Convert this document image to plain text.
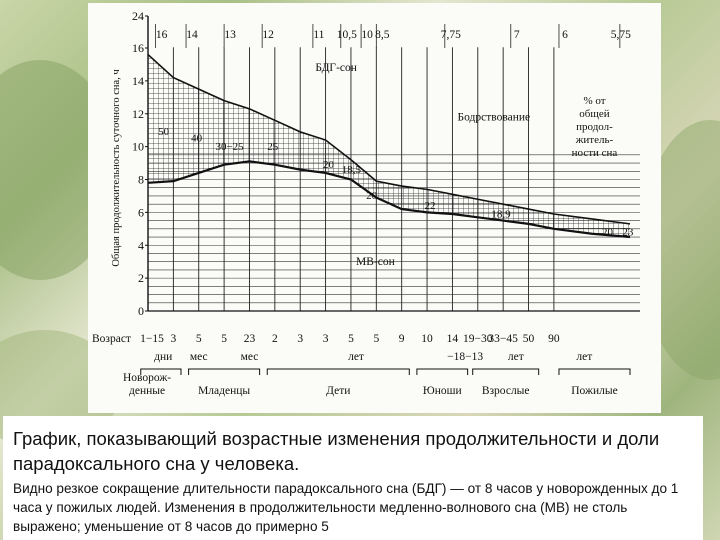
24
16
14
12
10
8
6
4
2
0
Общая продолжительность суточного сна, ч
16 14 13 12	11 10,5 10 8,5	7,75	7	6	5,75
50
40
30−25 25
20 18,5
20
22
18,9
20 23
БДГ-сон
МВ-сон
Бодрствование
% от
общей
продол-
житель-
ности сна
Возраст 1−15 3 5 5 23 2 3 3 5 5 9 10 14 19−30
33−45 50 90
дни мес	мес	лет	−18−13 лет	лет
Новорож-
денные	Младенцы	Дети	Юноши Взрослые	Пожилые

График, показывающий возрастные изменения продолжительности и доли парадоксального сна у человека.

Видно резкое сокращение длительности парадоксального сна (БДГ) — от 8 часов у новорожденных до 1 часа у пожилых людей. Изменения в продолжительности медленно-волнового сна (МВ) не столь выражено; уменьшение от 8 часов до примерно 5
